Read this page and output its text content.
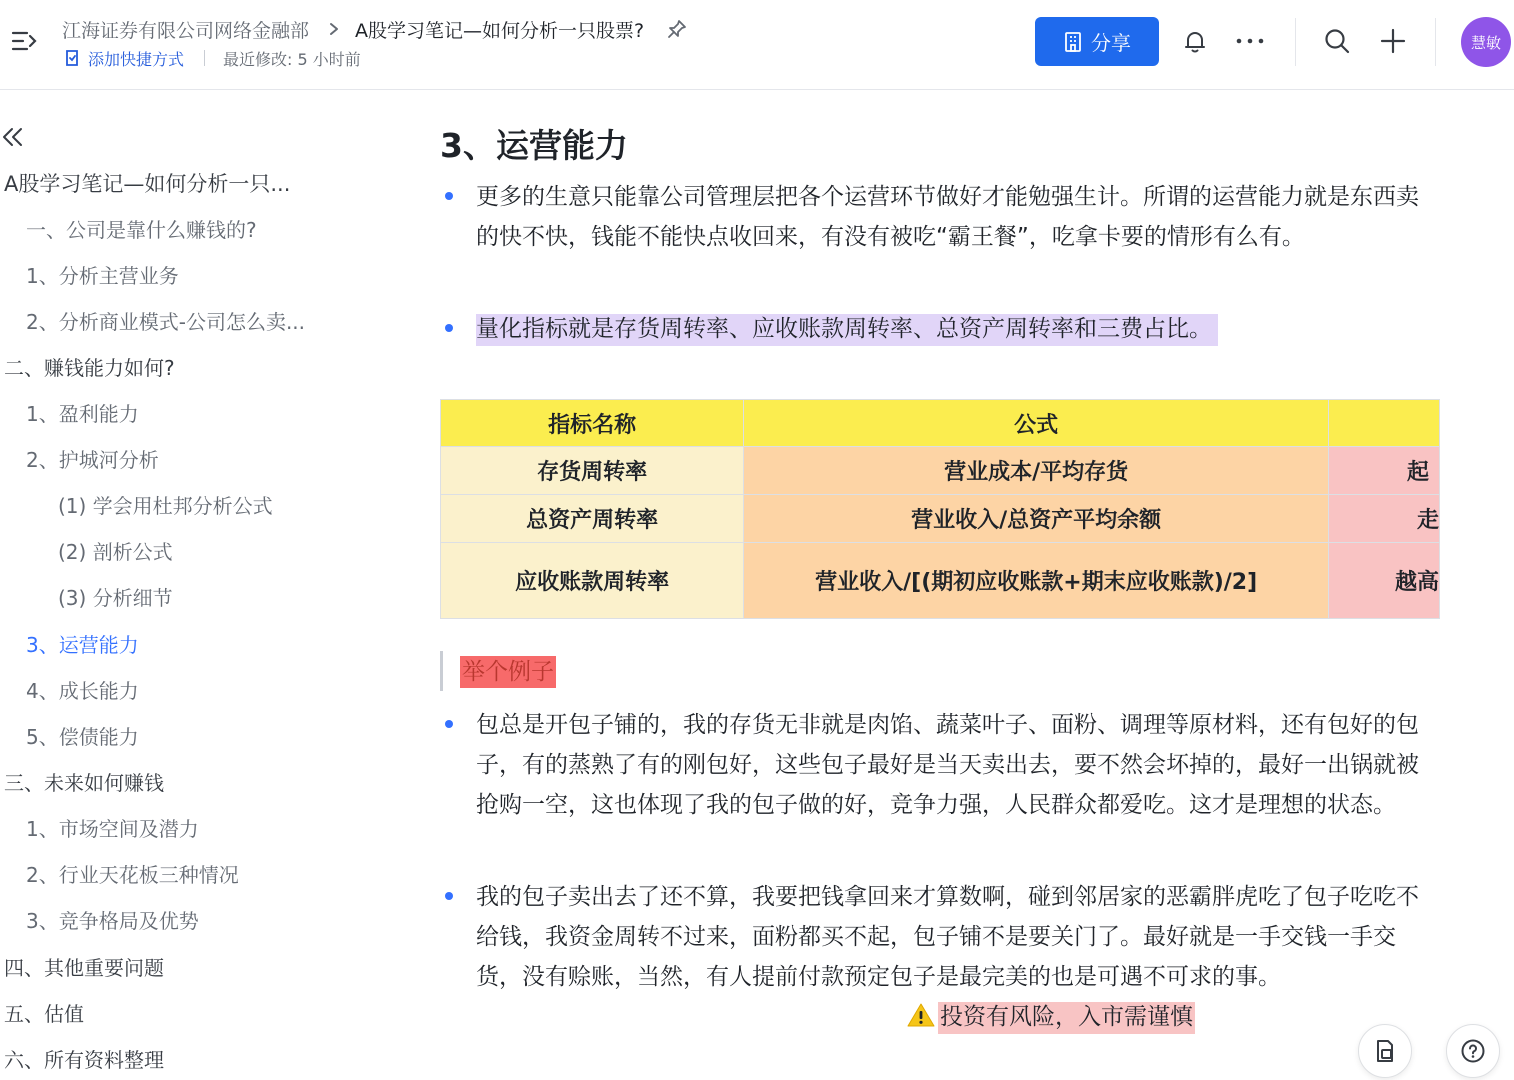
江海证券有限公司网络金融部 A股学习笔记—如何分析一只股票?
添加快捷方式 最近修改: 5 小时前
分享	慧敏
A股学习笔记—如何分析一只...
一、公司是靠什么赚钱的?
1、分析主营业务
2、分析商业模式-公司怎么卖...
二、赚钱能力如何?
1、盈利能力
2、护城河分析
(1) 学会用杜邦分析公式
(2) 剖析公式
(3) 分析细节
3、运营能力
4、成长能力
5、偿债能力
三、未来如何赚钱
1、市场空间及潜力
2、行业天花板三种情况
3、竞争格局及优势
四、其他重要问题
五、估值
六、所有资料整理
3、运营能力
更多的生意只能靠公司管理层把各个运营环节做好才能勉强生计。所谓的运营能力就是东西卖的快不快，钱能不能快点收回来，有没有被吃“霸王餐”，吃拿卡要的情形有么有。
量化指标就是存货周转率、应收账款周转率、总资产周转率和三费占比。
指标名称	公式	
存货周转率	营业成本/平均存货	起
总资产周转率	营业收入/总资产平均余额	走
应收账款周转率	营业收入/[(期初应收账款+期末应收账款)/2]	越高
举个例子
包总是开包子铺的，我的存货无非就是肉馅、蔬菜叶子、面粉、调理等原材料，还有包好的包子，有的蒸熟了有的刚包好，这些包子最好是当天卖出去，要不然会坏掉的，最好一出锅就被抢购一空，这也体现了我的包子做的好，竞争力强，人民群众都爱吃。这才是理想的状态。
我的包子卖出去了还不算，我要把钱拿回来才算数啊，碰到邻居家的恶霸胖虎吃了包子吃吃不给钱，我资金周转不过来，面粉都买不起，包子铺不是要关门了。最好就是一手交钱一手交货，没有赊账，当然，有人提前付款预定包子是最完美的也是可遇不可求的事。投资有风险，入市需谨慎
